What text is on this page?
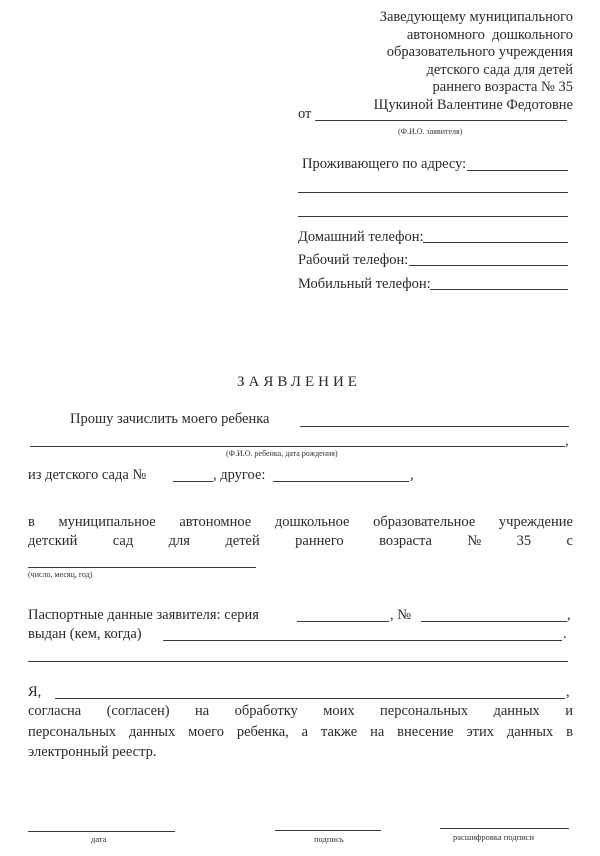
Заведующему муниципального
автономного  дошкольного
образовательного учреждения
детского сада для детей
раннего возраста № 35
Щукиной Валентине Федотовне
от
(Ф.И.О. заявителя)
Проживающего по адресу:
Домашний телефон:
Рабочий телефон:
Мобильный телефон:
ЗАЯВЛЕНИЕ
Прошу зачислить моего ребенка
,
(Ф.И.О. ребенка, дата рождения)
из детского сада №	, другое:	,
в муниципальное автономное дошкольное образовательное учреждение
детский сад для детей раннего возраста № 35 с
(число, месяц, год)
Паспортные данные заявителя: серия	, №	,
выдан (кем, когда)	.
Я,	,
согласна (согласен) на обработку моих персональных данных и
персональных данных моего ребенка, а также на внесение этих данных в
электронный реестр.
дата	подпись	расшифровка подписи
